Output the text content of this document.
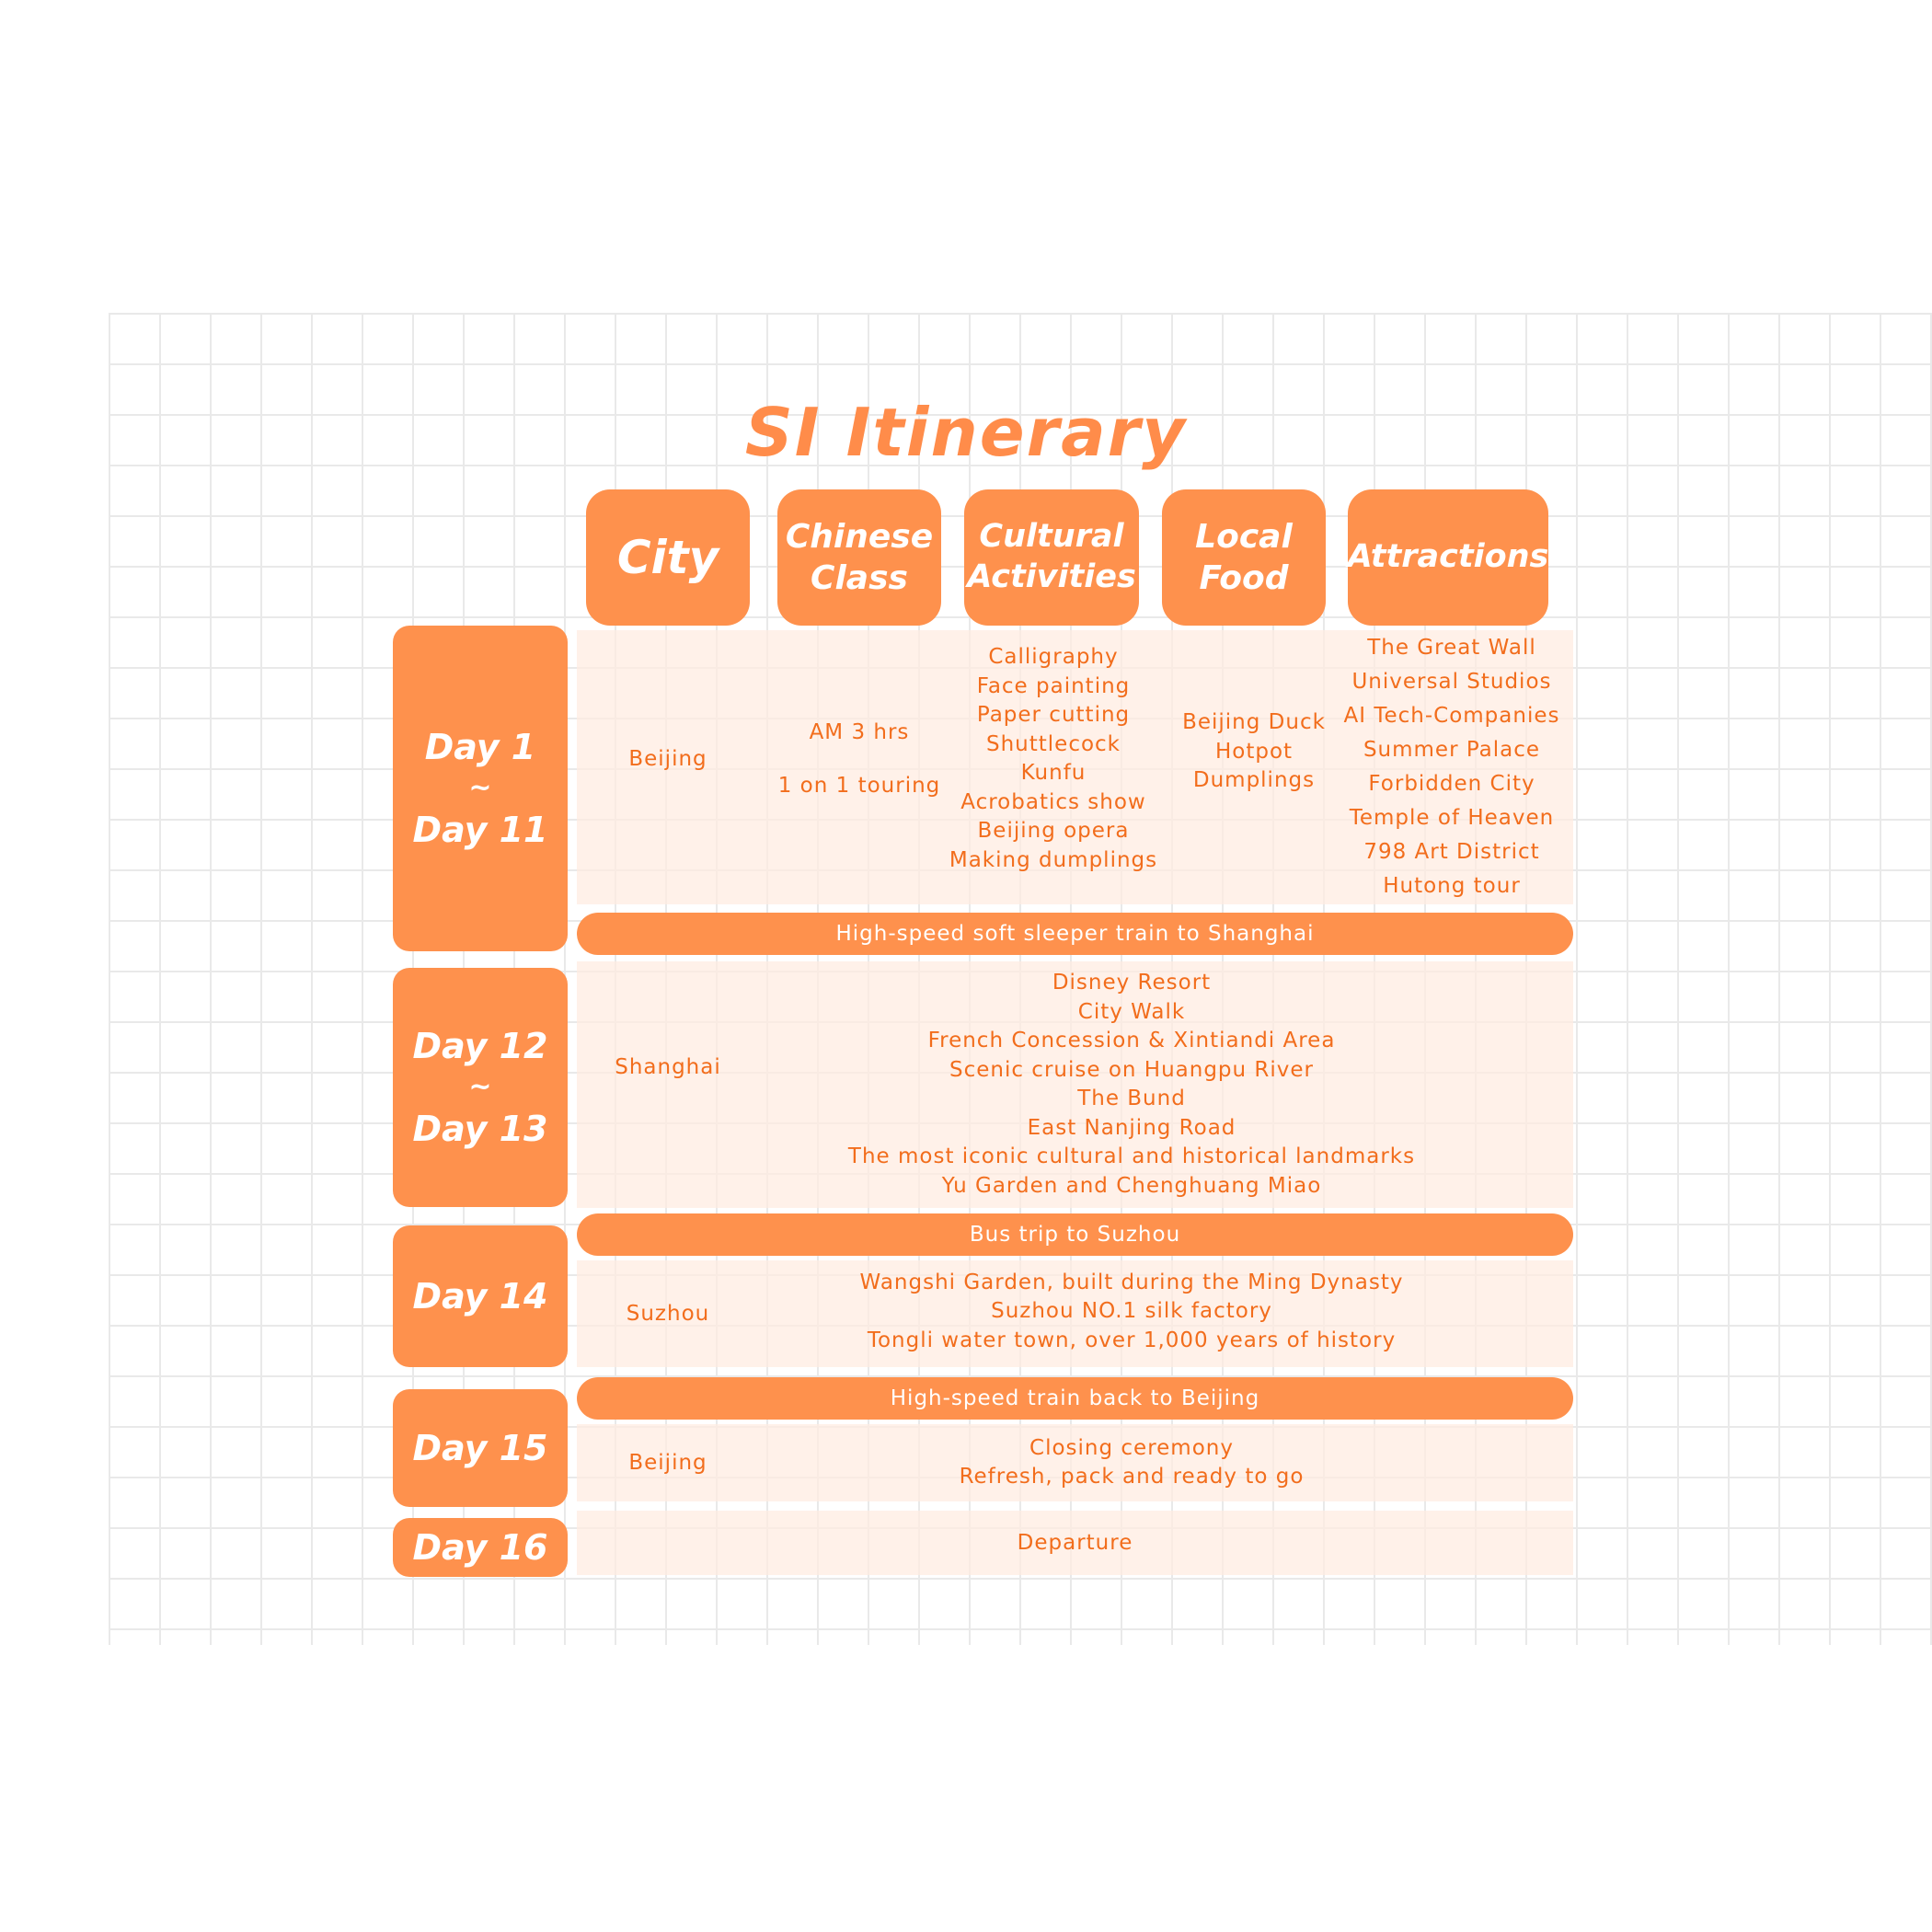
SI Itinerary
City	Chinese
Class
Cultural
Activities
Local
Food
Attractions
Day 1
~
Day 11
Day 12
~
Day 13
Day 14
Day 15
Day 16
High-speed soft sleeper train to Shanghai
Bus trip to Suzhou
High-speed train back to Beijing
Beijing
AM 3 hrs
1 on 1 touring
Calligraphy
Face painting
Paper cutting
Shuttlecock
Kunfu
Acrobatics show
Beijing opera
Making dumplings
Beijing Duck
Hotpot
Dumplings
The Great Wall
Universal Studios
AI Tech-Companies
Summer Palace
Forbidden City
Temple of Heaven
798 Art District
Hutong tour
Shanghai
Disney Resort
City Walk
French Concession & Xintiandi Area
Scenic cruise on Huangpu River
The Bund
East Nanjing Road
The most iconic cultural and historical landmarks
Yu Garden and Chenghuang Miao
Suzhou
Wangshi Garden, built during the Ming Dynasty
Suzhou NO.1 silk factory
Tongli water town, over 1,000 years of history
Beijing
Closing ceremony
Refresh, pack and ready to go
Departure
